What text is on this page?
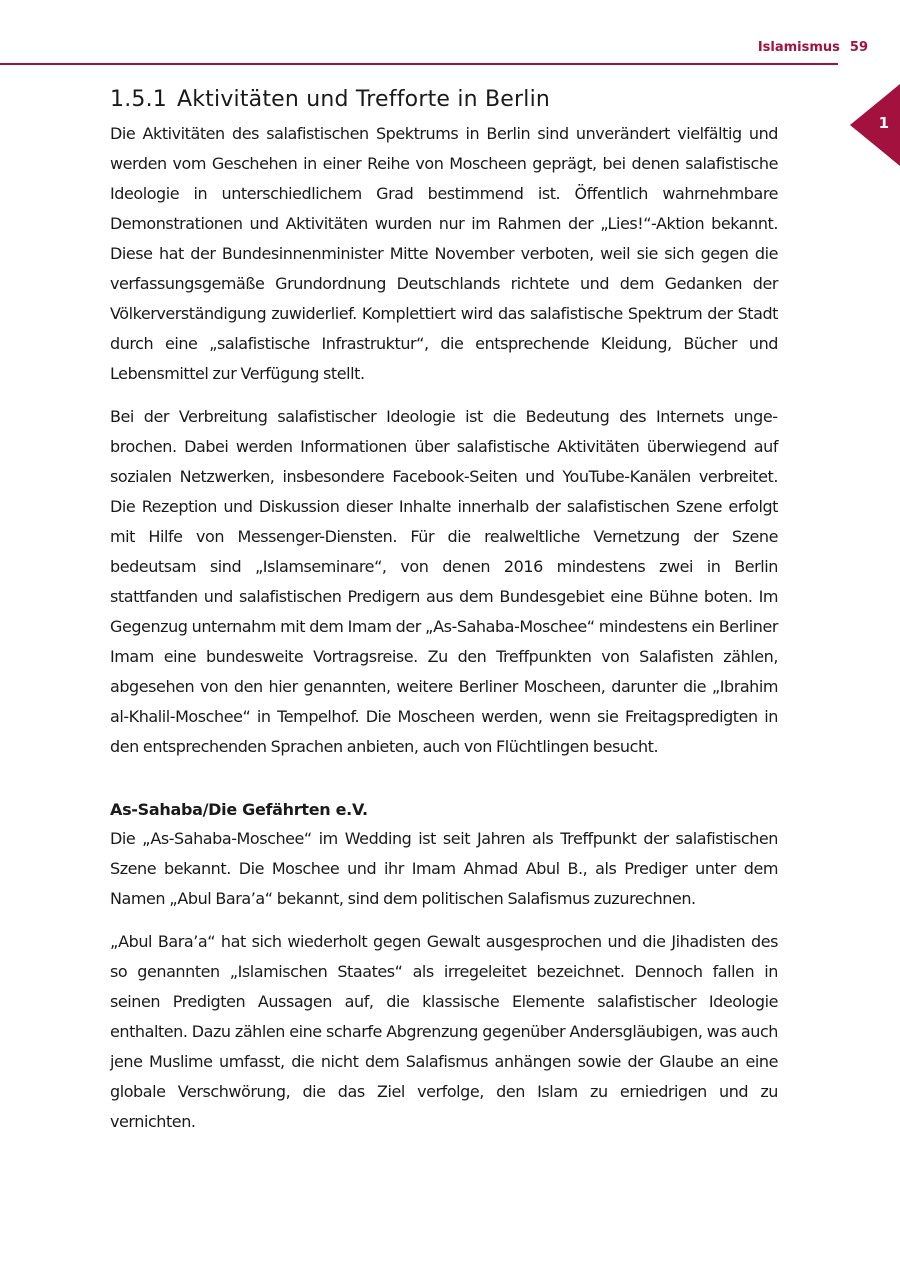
Islamismus 59
1
1.5.1 Aktivitäten und Trefforte in Berlin

Die Aktivitäten des salafistischen Spektrums in Berlin sind unverändert vielfältig und werden vom Geschehen in einer Reihe von Moscheen geprägt, bei denen salafistische Ideologie in unterschiedlichem Grad bestimmend ist. Öffentlich wahrnehmbare Demonstrationen und Aktivitäten wurden nur im Rahmen der „Lies!“-Aktion bekannt. Diese hat der Bundesinnenminister Mitte November verboten, weil sie sich gegen die verfassungsgemäße Grundordnung Deutschlands richtete und dem Gedanken der Völkerverständigung zuwiderlief. Komplettiert wird das salafistische Spektrum der Stadt durch eine „salafistische Infrastruktur“, die entsprechende Kleidung, Bücher und Lebensmittel zur Verfügung stellt.

Bei der Verbreitung salafistischer Ideologie ist die Bedeutung des Internets ungebrochen. Dabei werden Informationen über salafistische Aktivitäten überwiegend auf sozialen Netzwerken, insbesondere Facebook-Seiten und YouTube-Kanälen verbreitet. Die Rezeption und Diskussion dieser Inhalte innerhalb der salafistischen Szene erfolgt mit Hilfe von Messenger-Diensten. Für die realweltliche Vernetzung der Szene bedeutsam sind „Islamseminare“, von denen 2016 mindestens zwei in Berlin stattfanden und salafistischen Predigern aus dem Bundesgebiet eine Bühne boten. Im Gegenzug unternahm mit dem Imam der „As-Sahaba-Moschee“ mindestens ein Berliner Imam eine bundesweite Vortragsreise. Zu den Treffpunkten von Salafisten zählen, abgesehen von den hier genannten, weitere Berliner Moscheen, darunter die „Ibrahim al-Khalil-Moschee“ in Tempelhof. Die Moscheen werden, wenn sie Freitagspredigten in den entsprechenden Sprachen anbieten, auch von Flüchtlingen besucht.

As-Sahaba/Die Gefährten e.V.

Die „As-Sahaba-Moschee“ im Wedding ist seit Jahren als Treffpunkt der salafistischen Szene bekannt. Die Moschee und ihr Imam Ahmad Abul B., als Prediger unter dem Namen „Abul Bara’a“ bekannt, sind dem politischen Salafismus zuzurechnen.

„Abul Bara’a“ hat sich wiederholt gegen Gewalt ausgesprochen und die Jihadisten des so genannten „Islamischen Staates“ als irregeleitet bezeichnet. Dennoch fallen in seinen Predigten Aussagen auf, die klassische Elemente salafistischer Ideologie enthalten. Dazu zählen eine scharfe Abgrenzung gegenüber Andersgläubigen, was auch jene Muslime umfasst, die nicht dem Salafismus anhängen sowie der Glaube an eine globale Verschwörung, die das Ziel verfolge, den Islam zu erniedrigen und zu vernichten.
